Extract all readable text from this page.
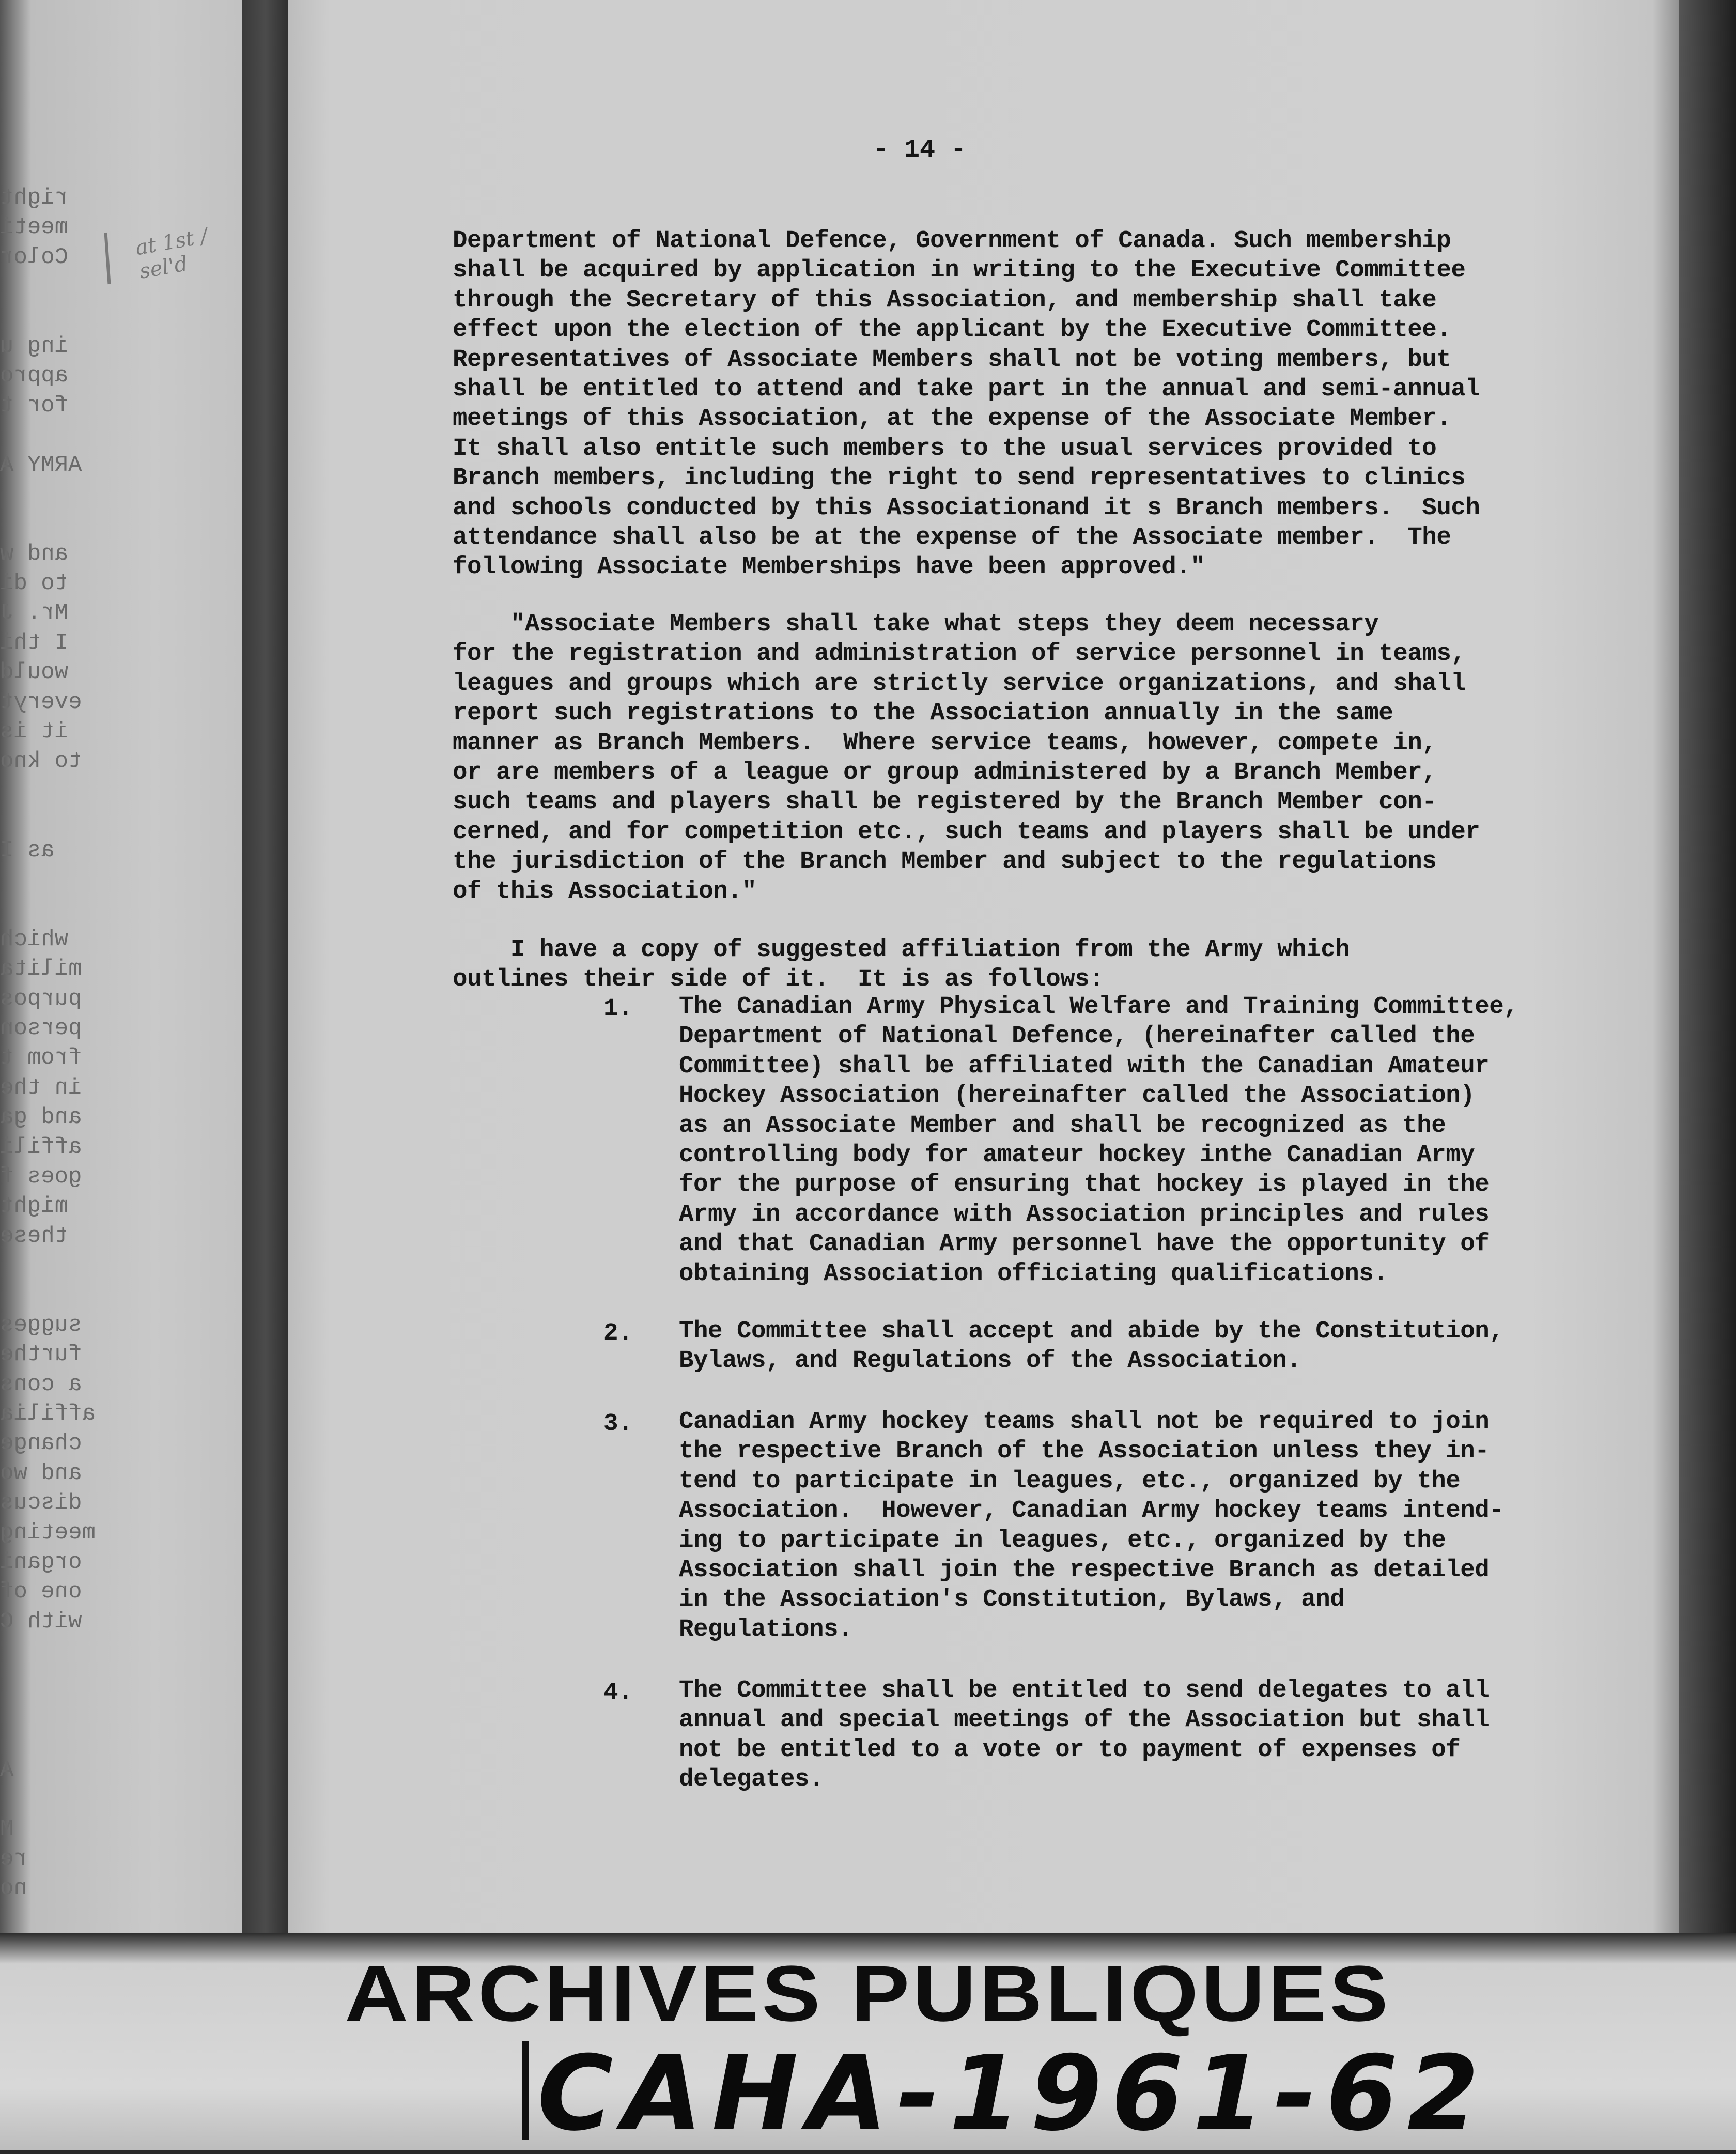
right
meeti
Color
ing u
appro
for t
ARMY A
and w
to di
Mr. J
I thi
would
everyt
it is
to kno
as I
which
milita
purpos
person
from t
in the
and ga
affili
goes f
might
these
sugges
furthe
a cons
affilia
change
and wo
discus
meeting
organi
one of
with C
A
M
re
no
at 1st / sel'd
- 14 -
Department of National Defence, Government of Canada. Such membership
shall be acquired by application in writing to the Executive Committee
through the Secretary of this Association, and membership shall take
effect upon the election of the applicant by the Executive Committee.
Representatives of Associate Members shall not be voting members, but
shall be entitled to attend and take part in the annual and semi-annual
meetings of this Association, at the expense of the Associate Member.
It shall also entitle such members to the usual services provided to
Branch members, including the right to send representatives to clinics
and schools conducted by this Associationand it s Branch members.  Such
attendance shall also be at the expense of the Associate member.  The
following Associate Memberships have been approved."
"Associate Members shall take what steps they deem necessary
for the registration and administration of service personnel in teams,
leagues and groups which are strictly service organizations, and shall
report such registrations to the Association annually in the same
manner as Branch Members.  Where service teams, however, compete in,
or are members of a league or group administered by a Branch Member,
such teams and players shall be registered by the Branch Member con-
cerned, and for competition etc., such teams and players shall be under
the jurisdiction of the Branch Member and subject to the regulations
of this Association."
I have a copy of suggested affiliation from the Army which
outlines their side of it.  It is as follows:
1. The Canadian Army Physical Welfare and Training Committee,
Department of National Defence, (hereinafter called the
Committee) shall be affiliated with the Canadian Amateur
Hockey Association (hereinafter called the Association)
as an Associate Member and shall be recognized as the
controlling body for amateur hockey inthe Canadian Army
for the purpose of ensuring that hockey is played in the
Army in accordance with Association principles and rules
and that Canadian Army personnel have the opportunity of
obtaining Association officiating qualifications.
2. The Committee shall accept and abide by the Constitution,
Bylaws, and Regulations of the Association.
3. Canadian Army hockey teams shall not be required to join
the respective Branch of the Association unless they in-
tend to participate in leagues, etc., organized by the
Association.  However, Canadian Army hockey teams intend-
ing to participate in leagues, etc., organized by the
Association shall join the respective Branch as detailed
in the Association's Constitution, Bylaws, and
Regulations.
4. The Committee shall be entitled to send delegates to all
annual and special meetings of the Association but shall
not be entitled to a vote or to payment of expenses of
delegates.
ARCHIVES PUBLIQUES
CAHA-1961-62
